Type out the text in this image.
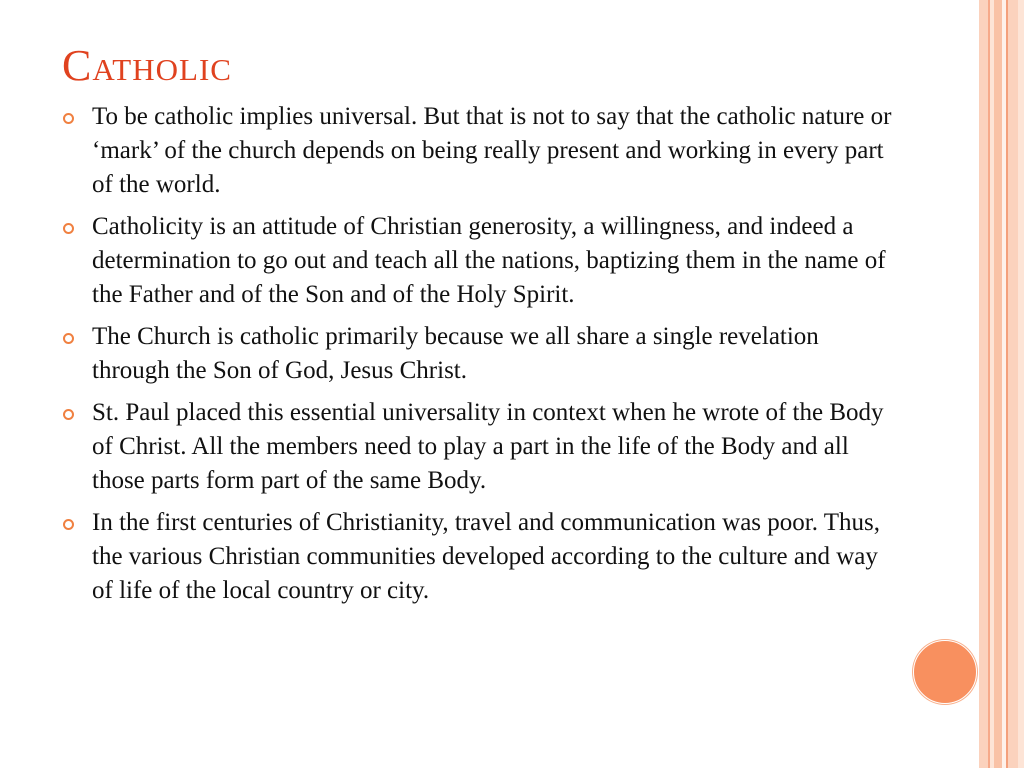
Catholic
To be catholic implies universal. But that is not to say that the catholic nature or ‘mark’ of the church depends on being really present and working in every part of the world.
Catholicity is an attitude of Christian generosity, a willingness, and indeed a determination to go out and teach all the nations, baptizing them in the name of the Father and of the Son and of the Holy Spirit.
The Church is catholic primarily because we all share a single revelation through the Son of God, Jesus Christ.
St. Paul placed this essential universality in context when he wrote of the Body of Christ. All the members need to play a part in the life of the Body and all those parts form part of the same Body.
In the first centuries of Christianity, travel and communication was poor. Thus, the various Christian communities developed according to the culture and way of life of the local country or city.
